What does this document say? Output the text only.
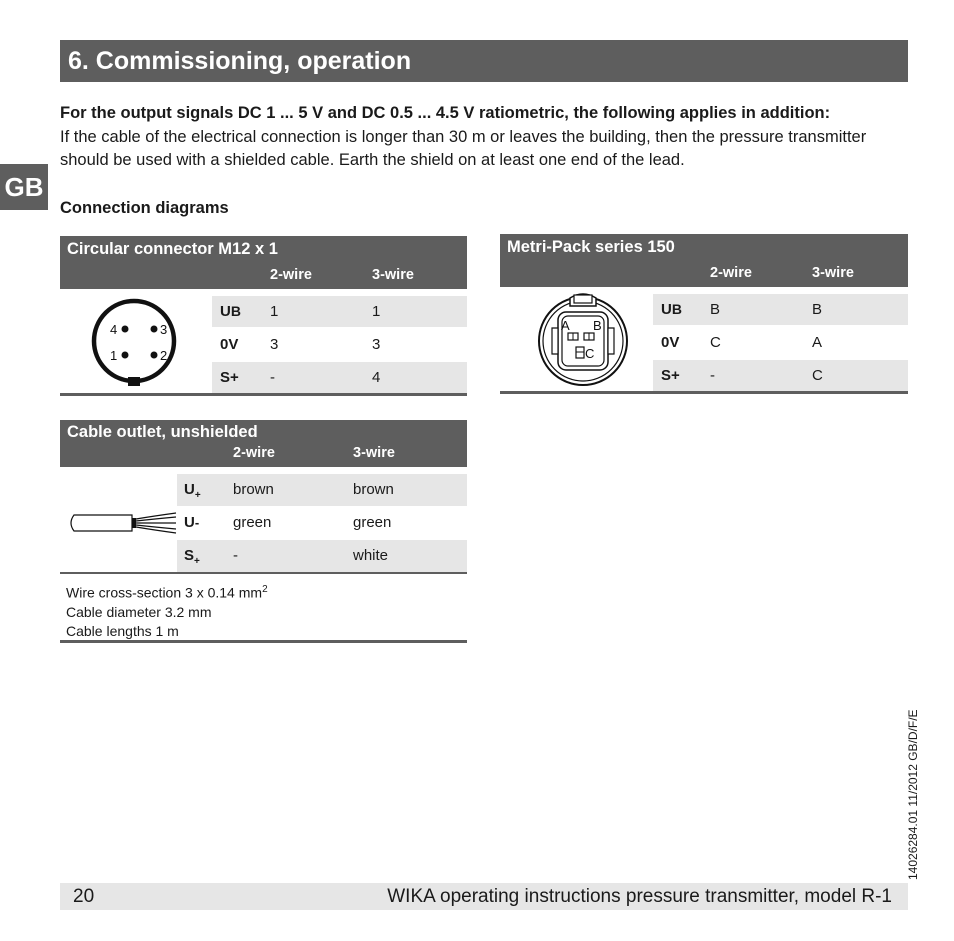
6. Commissioning, operation
GB
For the output signals DC 1 ... 5 V and DC 0.5 ... 4.5 V ratiometric, the following applies in addition:
If the cable of the electrical connection is longer than 30 m or leaves the building, then the pressure transmitter should be used with a shielded cable. Earth the shield on at least one end of the lead.
Connection diagrams
Circular connector M12 x 1
2-wire	3-wire
4	3
1	2
UB 1	1
0V 3	3
S+ -	4
Metri-Pack series 150
2-wire	3-wire
A B
C
UB B	B
0V C	A
S+ -	C
Cable outlet, unshielded
2-wire	3-wire
$U_+$ brown	brown
U- green	green
$S_+$ -	white
Wire cross-section 3 x 0.14 $mm^2$
Cable diameter 3.2 mm
Cable lengths 1 m
20	WIKA operating instructions pressure transmitter, model R-1
14026284.01 11/2012 GB/D/F/E
